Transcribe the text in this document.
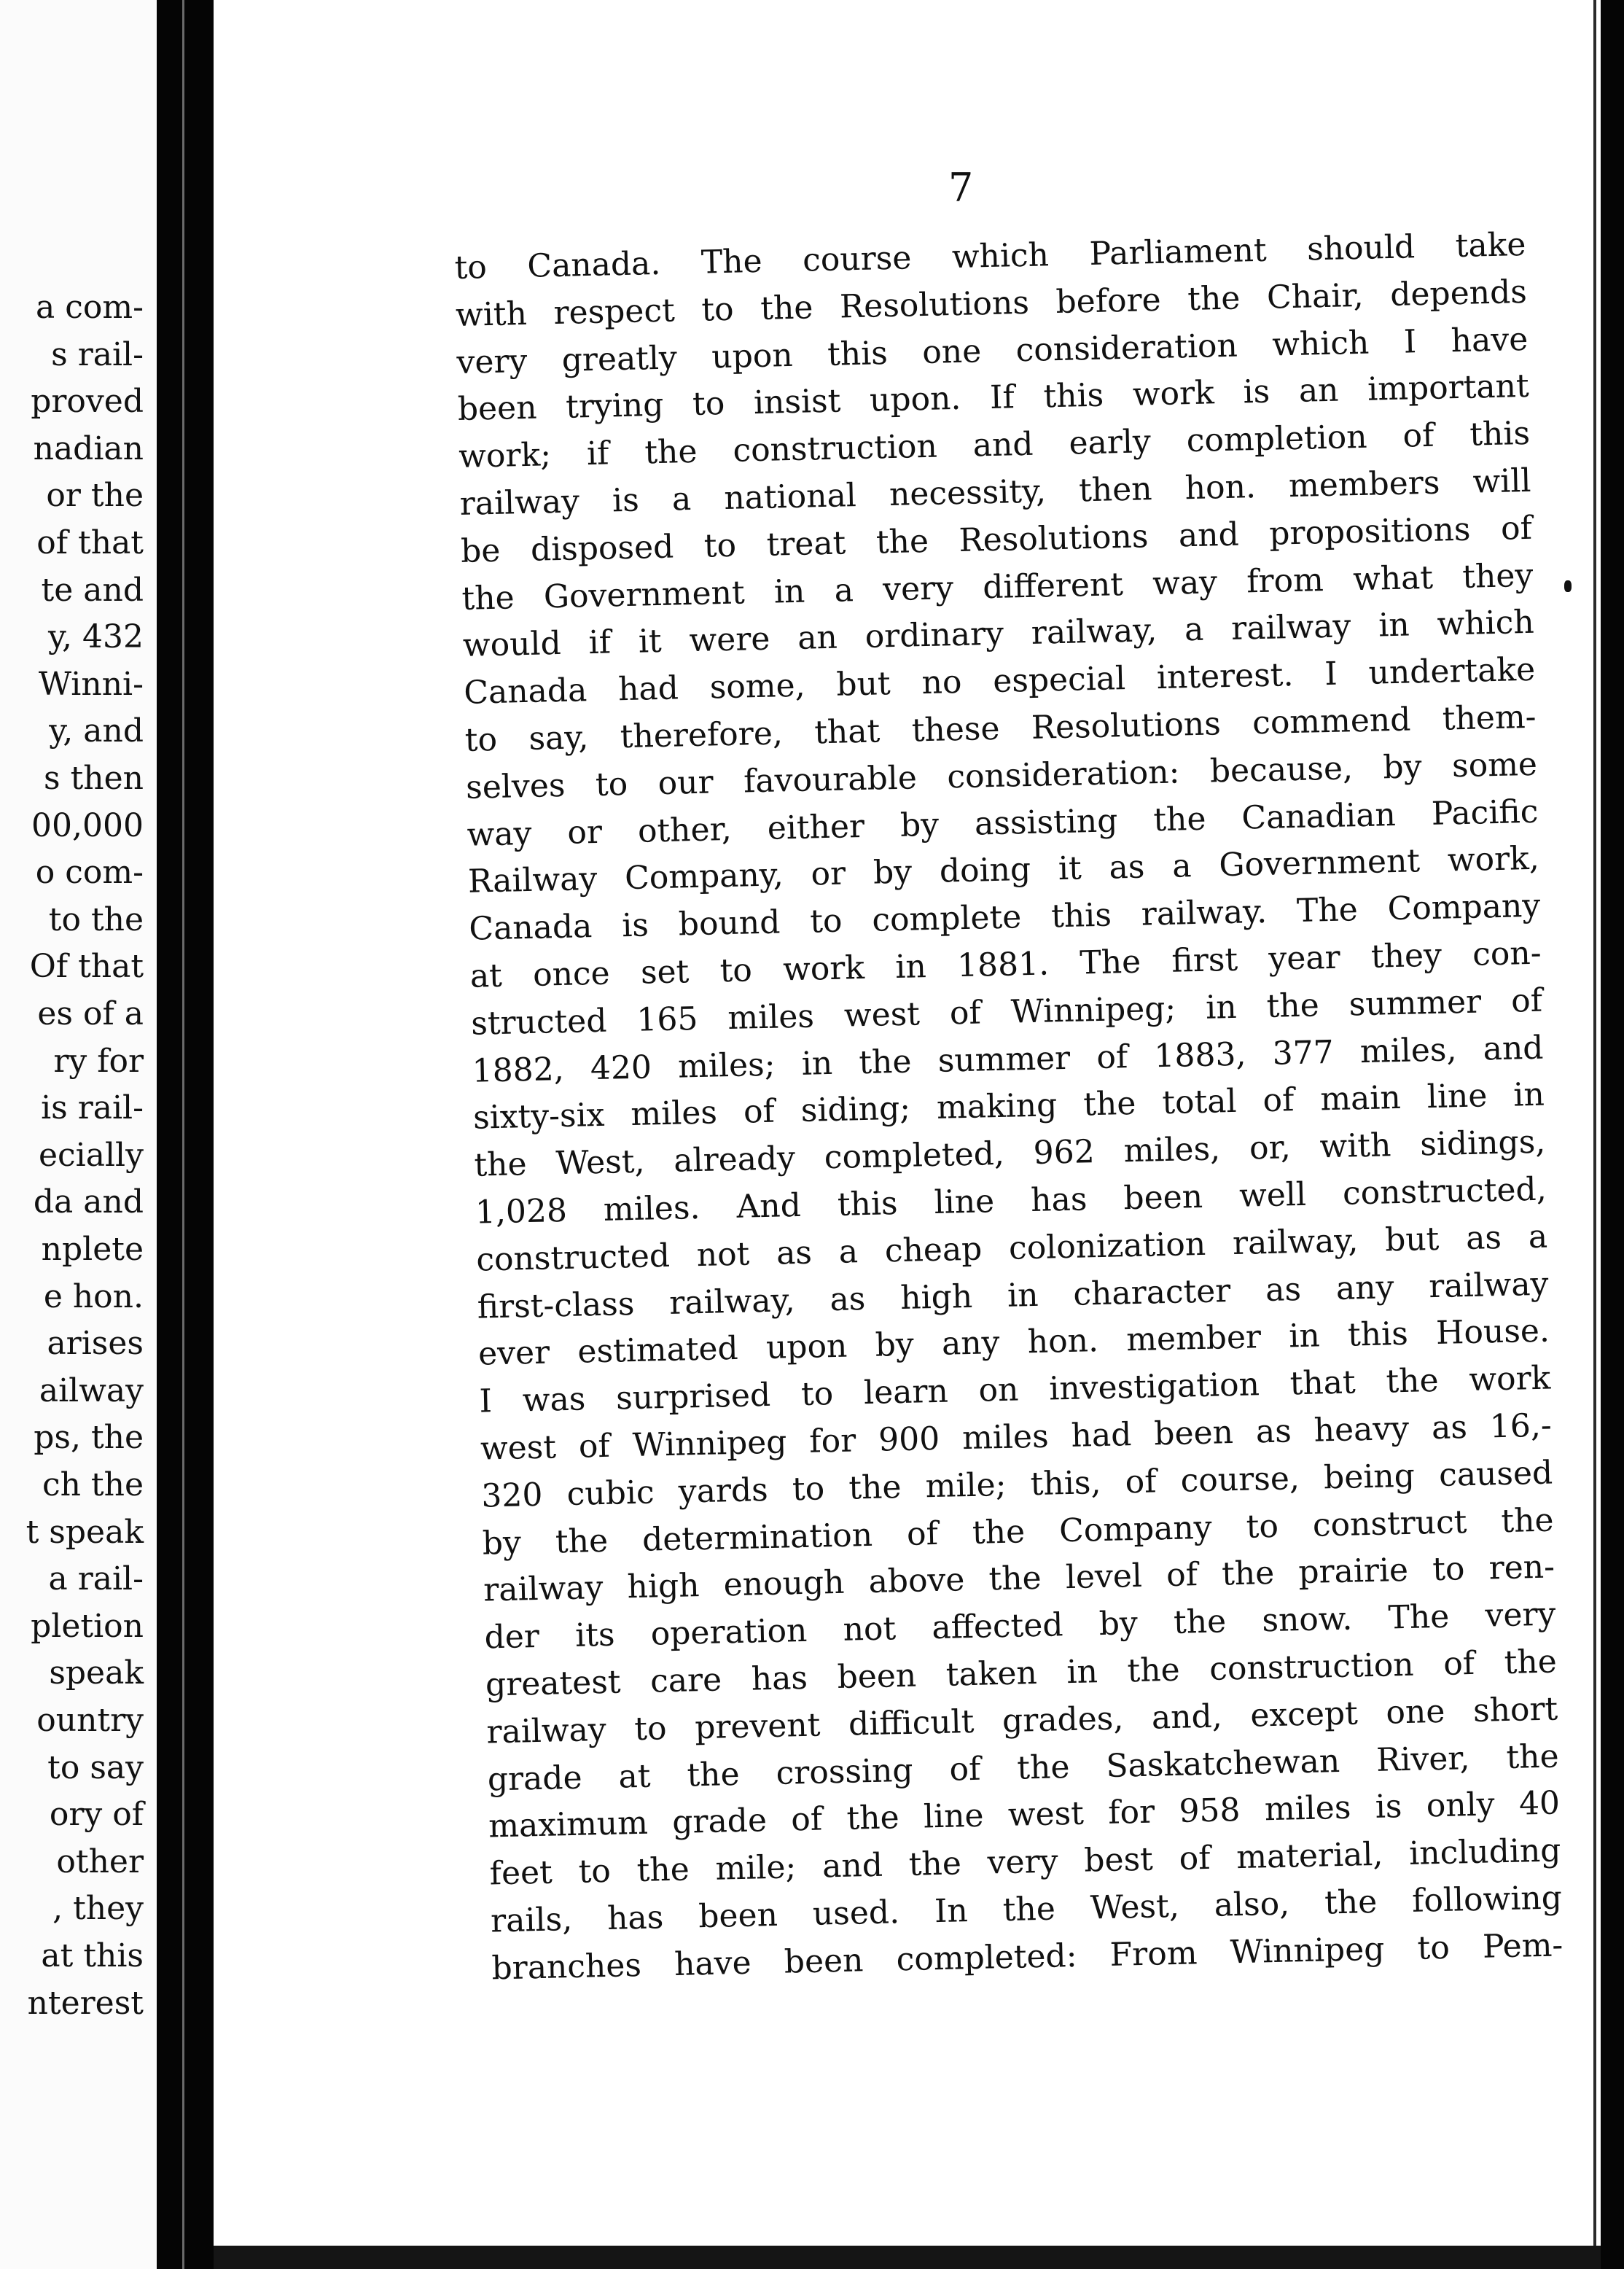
a com-
s rail-
proved
nadian
or the
of that
te and
y, 432
Winni-
y, and
s then
00,000
o com-
to the
Of that
es of a
ry for
is rail-
ecially
da and
nplete
e hon.
arises
ailway
ps, the
ch the
t speak
a rail-
pletion
speak
ountry
to say
ory of
other
, they
at this
nterest
7
to Canada. The course which Parliament should take
with respect to the Resolutions before the Chair, depends
very greatly upon this one consideration which I have
been trying to insist upon. If this work is an important
work; if the construction and early completion of this
railway is a national necessity, then hon. members will
be disposed to treat the Resolutions and propositions of
the Government in a very different way from what they
would if it were an ordinary railway, a railway in which
Canada had some, but no especial interest. I undertake
to say, therefore, that these Resolutions commend them-
selves to our favourable consideration: because, by some
way or other, either by assisting the Canadian Pacific
Railway Company, or by doing it as a Government work,
Canada is bound to complete this railway. The Company
at once set to work in 1881. The first year they con-
structed 165 miles west of Winnipeg; in the summer of
1882, 420 miles; in the summer of 1883, 377 miles, and
sixty-six miles of siding; making the total of main line in
the West, already completed, 962 miles, or, with sidings,
1,028 miles. And this line has been well constructed,
constructed not as a cheap colonization railway, but as a
first-class railway, as high in character as any railway
ever estimated upon by any hon. member in this House.
I was surprised to learn on investigation that the work
west of Winnipeg for 900 miles had been as heavy as 16,-
320 cubic yards to the mile; this, of course, being caused
by the determination of the Company to construct the
railway high enough above the level of the prairie to ren-
der its operation not affected by the snow. The very
greatest care has been taken in the construction of the
railway to prevent difficult grades, and, except one short
grade at the crossing of the Saskatchewan River, the
maximum grade of the line west for 958 miles is only 40
feet to the mile; and the very best of material, including
rails, has been used. In the West, also, the following
branches have been completed: From Winnipeg to Pem-
